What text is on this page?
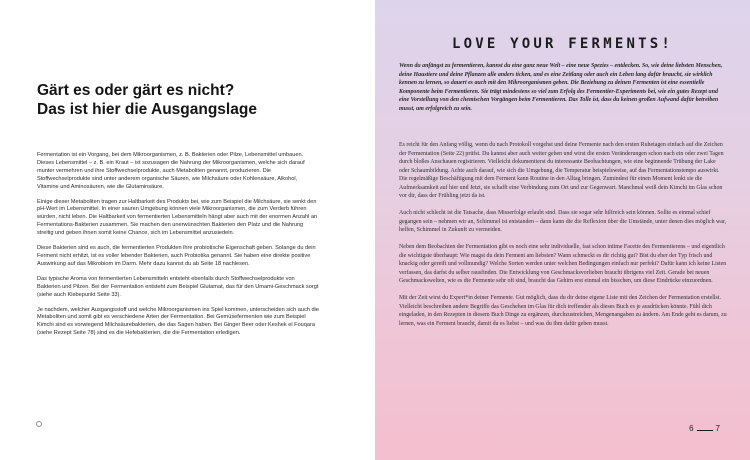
Gärt es oder gärt es nicht?
Das ist hier die Ausgangslage

Fermentation ist ein Vorgang, bei dem Mikroorganismen, z. B. Bakterien oder Pilze, Lebensmittel umbauen. Dieses Lebensmittel – z. B. ein Kraut – ist sozusagen die Nahrung der Mikroorganismen, welche sich darauf munter vermehren und ihre Stoffwechselprodukte, auch Metaboliten genannt, produzieren. Die Stoffwechselprodukte sind unter anderem organische Säuren, wie Milchsäure oder Kohlensäure, Alkohol, Vitamine und Aminosäuren, wie die Glutaminsäure.

Einige dieser Metaboliten tragen zur Haltbarkeit des Produkts bei, wie zum Beispiel die Milchsäure, sie senkt den pH-Wert im Lebensmittel. In einer sauren Umgebung können viele Mikroorganismen, die zum Verderb führen würden, nicht leben. Die Haltbarkeit von fermentierten Lebensmitteln hängt aber auch mit der enormen Anzahl an Fermentations-Bakterien zusammen. Sie machen den unerwünschten Bakterien den Platz und die Nahrung streitig und geben ihnen somit keine Chance, sich im Lebensmittel anzusiedeln.

Diese Bakterien sind es auch, die fermentierten Produkten ihre probiotische Eigenschaft geben. Solange du dein Ferment nicht erhitzt, ist es voller lebender Bakterien, auch Probiotika genannt. Sie haben eine direkte positive Auswirkung auf das Mikrobiom im Darm. Mehr dazu kannst du ab Seite 18 nachlesen.

Das typische Aroma von fermentierten Lebensmitteln entsteht ebenfalls durch Stoffwechselprodukte von Bakterien und Pilzen. Bei der Fermentation entsteht zum Beispiel Glutamat, das für den Umami-Geschmack sorgt (siehe auch Klebepunkt Seite 33).

Je nachdem, welcher Ausgangsstoff und welche Mikroorganismen ins Spiel kommen, unterscheiden sich auch die Metaboliten und somit gibt es verschiedene Arten der Fermentation. Bei Gemüsefermenten wie zum Beispiel Kimchi sind es vorwiegend Milchsäurebakterien, die das Sagen haben. Bei Ginger Beer oder Keshek el Fouqara (siehe Rezept Seite 78) sind es die Hefebakterien, die die Fermentation erledigen.

LOVE YOUR FERMENTS!

Wenn du anfängst zu fermentieren, kannst du eine ganz neue Welt – eine neue Spezies – entdecken. So, wie deine liebsten Menschen, deine Haustiere und deine Pflanzen alle anders ticken, und es eine Zeitlang oder auch ein Leben lang dafür braucht, sie wirklich kennen zu lernen, so dauert es auch mit den Mikroorganismen geben. Die Beziehung zu deinen Fermenten ist eine essentielle Komponente beim Fermentieren. Sie trägt mindestens so viel zum Erfolg des Fermentier-Experiments bei, wie ein gutes Rezept und eine Vorstellung von den chemischen Vorgängen beim Fermentieren. Das Tolle ist, dass du keinen großen Aufwand dafür betreiben musst, um erfolgreich zu sein.

Es reicht für den Anfang völlig, wenn du nach Protokoll vorgehst und deine Fermente nach den ersten Ruhetagen einfach auf die Zeichen der Fermentation (Seite 22) prüfst. Du kannst aber auch weiter gehen und wirst die ersten Veränderungen schon nach ein oder zwei Tagen durch bloßes Anschauen registrieren. Vielleicht dokumentierst du interessante Beobachtungen, wie eine beginnende Trübung der Lake oder Schaumbildung. Achte auch darauf, wie sich die Umgebung, die Temperatur beispielsweise, auf das Fermentationstempo auswirkt. Die regelmäßige Beschäftigung mit dem Ferment kann Routine in den Alltag bringen. Zumindest für einen Moment lenkt sie die Aufmerksamkeit auf hier und Jetzt, sie schafft eine Verbindung zum Ort und zur Gegenwart. Manchmal weiß dein Kimchi im Glas schon vor dir, dass der Frühling jetzt da ist.

Auch nicht schlecht ist die Tatsache, dass Misserfolge erlaubt sind. Dass sie sogar sehr hilfreich sein können. Sollte es einmal schief gegangen sein – nehmen wir an, Schimmel ist entstanden – dann kann die die Reflexion über die Umstände, unter denen dies möglich war, helfen, Schimmel in Zukunft zu vermeiden.

Neben dem Beobachten der Fermentation gibt es noch eine sehr individuelle, fast schon intime Facette des Fermentierens – und eigentlich die wichtigste überhaupt: Wie magst du dein Ferment am liebsten? Wann schmeckt es dir richtig gut? Bist du eher der Typ frisch und knackig oder gereift und vollmundig? Welche Sorten werden unter welchen Bedingungen einfach nur perfekt? Dafür kann ich keine Listen verfassen, das darfst du selber rausfinden. Die Entwicklung von Geschmacksvorlieben braucht übrigens viel Zeit. Gerade bei neuen Geschmackswelten, wie es die Fermente sehr oft sind, braucht das Gehirn erst einmal ein bisschen, um diese Eindrücke einzuordnen.

Mit der Zeit wirst du Expert*in deiner Fermente. Gut möglich, dass du dir deine eigene Liste mit den Zeichen der Fermentation erstellst. Vielleicht beschreiben andere Begriffe das Geschehen im Glas für dich treffender als dieses Buch es je ausdrücken könnte. Fühl dich eingeladen, in den Rezepten in diesem Buch Dinge zu ergänzen, durchzustreichen, Mengenangaben zu ändern. Am Ende geht es darum, zu lernen, was ein Ferment braucht, damit du es liebst – und was du ihm dafür geben musst.

6	7
